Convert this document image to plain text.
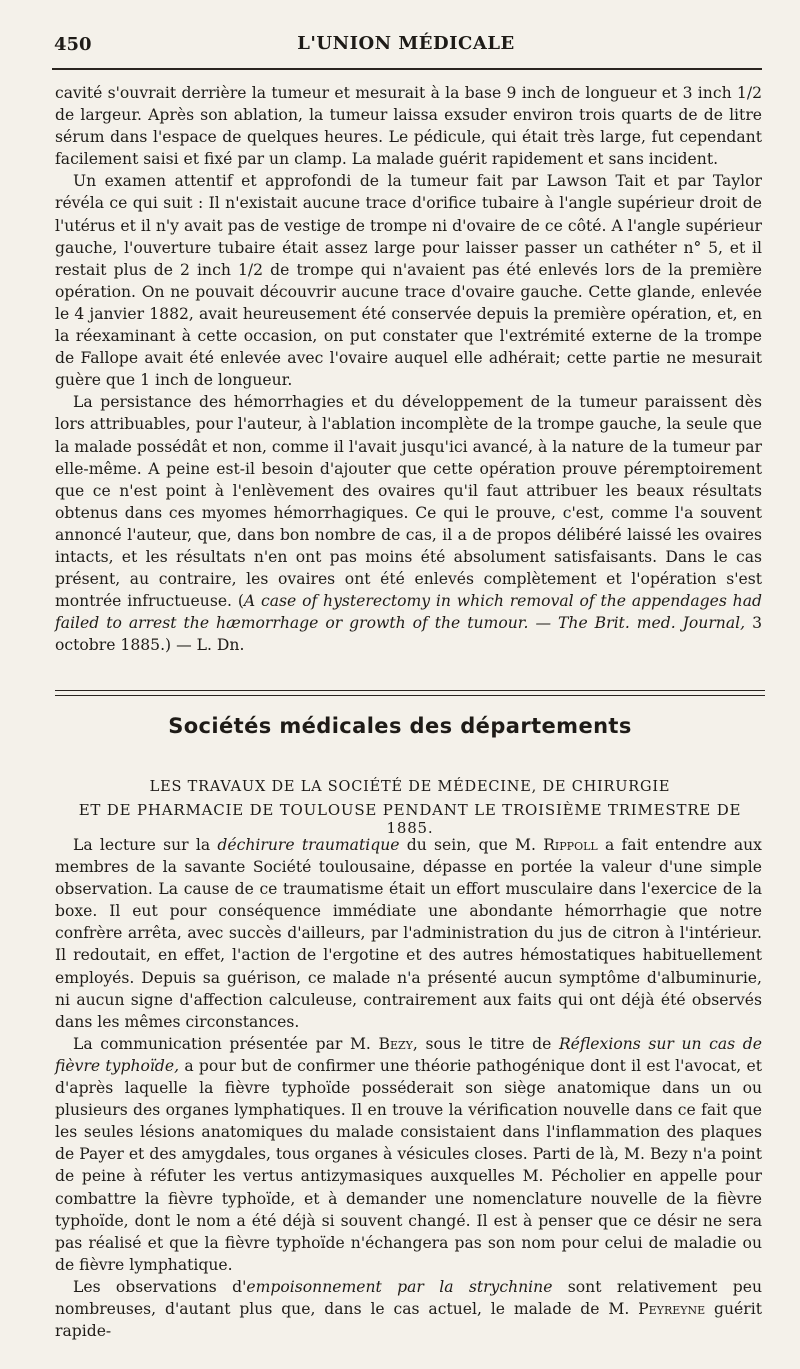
450	L'UNION MÉDICALE

cavité s'ouvrait derrière la tumeur et mesurait à la base 9 inch de longueur et 3 inch 1/2 de largeur. Après son ablation, la tumeur laissa exsuder environ trois quarts de de litre sérum dans l'espace de quelques heures. Le pédicule, qui était très large, fut cependant facilement saisi et fixé par un clamp. La malade guérit rapidement et sans incident.

Un examen attentif et approfondi de la tumeur fait par Lawson Tait et par Taylor révéla ce qui suit : Il n'existait aucune trace d'orifice tubaire à l'angle supérieur droit de l'utérus et il n'y avait pas de vestige de trompe ni d'ovaire de ce côté. A l'angle supérieur gauche, l'ouverture tubaire était assez large pour laisser passer un cathéter n° 5, et il restait plus de 2 inch 1/2 de trompe qui n'avaient pas été enlevés lors de la première opération. On ne pouvait découvrir aucune trace d'ovaire gauche. Cette glande, enlevée le 4 janvier 1882, avait heureusement été conservée depuis la première opération, et, en la réexaminant à cette occasion, on put constater que l'extrémité externe de la trompe de Fallope avait été enlevée avec l'ovaire auquel elle adhérait; cette partie ne mesurait guère que 1 inch de longueur.

La persistance des hémorrhagies et du développement de la tumeur paraissent dès lors attribuables, pour l'auteur, à l'ablation incomplète de la trompe gauche, la seule que la malade possédât et non, comme il l'avait jusqu'ici avancé, à la nature de la tumeur par elle-même. A peine est-il besoin d'ajouter que cette opération prouve péremptoirement que ce n'est point à l'enlèvement des ovaires qu'il faut attribuer les beaux résultats obtenus dans ces myomes hémorrhagiques. Ce qui le prouve, c'est, comme l'a souvent annoncé l'auteur, que, dans bon nombre de cas, il a de propos délibéré laissé les ovaires intacts, et les résultats n'en ont pas moins été absolument satisfaisants. Dans le cas présent, au contraire, les ovaires ont été enlevés complètement et l'opération s'est montrée infructueuse. (A case of hysterectomy in which removal of the appendages had failed to arrest the hæmorrhage or growth of the tumour. — The Brit. med. Journal, 3 octobre 1885.) — L. Dn.

Sociétés médicales des départements
LES TRAVAUX DE LA SOCIÉTÉ DE MÉDECINE, DE CHIRURGIE
ET DE PHARMACIE DE TOULOUSE PENDANT LE TROISIÈME TRIMESTRE DE 1885.

La lecture sur la déchirure traumatique du sein, que M. Rippoll a fait entendre aux membres de la savante Société toulousaine, dépasse en portée la valeur d'une simple observation. La cause de ce traumatisme était un effort musculaire dans l'exercice de la boxe. Il eut pour conséquence immédiate une abondante hémorrhagie que notre confrère arrêta, avec succès d'ailleurs, par l'administration du jus de citron à l'intérieur. Il redoutait, en effet, l'action de l'ergotine et des autres hémostatiques habituellement employés. Depuis sa guérison, ce malade n'a présenté aucun symptôme d'albuminurie, ni aucun signe d'affection calculeuse, contrairement aux faits qui ont déjà été observés dans les mêmes circonstances.

La communication présentée par M. Bezy, sous le titre de Réflexions sur un cas de fièvre typhoïde, a pour but de confirmer une théorie pathogénique dont il est l'avocat, et d'après laquelle la fièvre typhoïde posséderait son siège anatomique dans un ou plusieurs des organes lymphatiques. Il en trouve la vérification nouvelle dans ce fait que les seules lésions anatomiques du malade consistaient dans l'inflammation des plaques de Payer et des amygdales, tous organes à vésicules closes. Parti de là, M. Bezy n'a point de peine à réfuter les vertus antizymasiques auxquelles M. Pécholier en appelle pour combattre la fièvre typhoïde, et à demander une nomenclature nouvelle de la fièvre typhoïde, dont le nom a été déjà si souvent changé. Il est à penser que ce désir ne sera pas réalisé et que la fièvre typhoïde n'échangera pas son nom pour celui de maladie ou de fièvre lymphatique.

Les observations d'empoisonnement par la strychnine sont relativement peu nombreuses, d'autant plus que, dans le cas actuel, le malade de M. Peyreyne guérit rapide-
